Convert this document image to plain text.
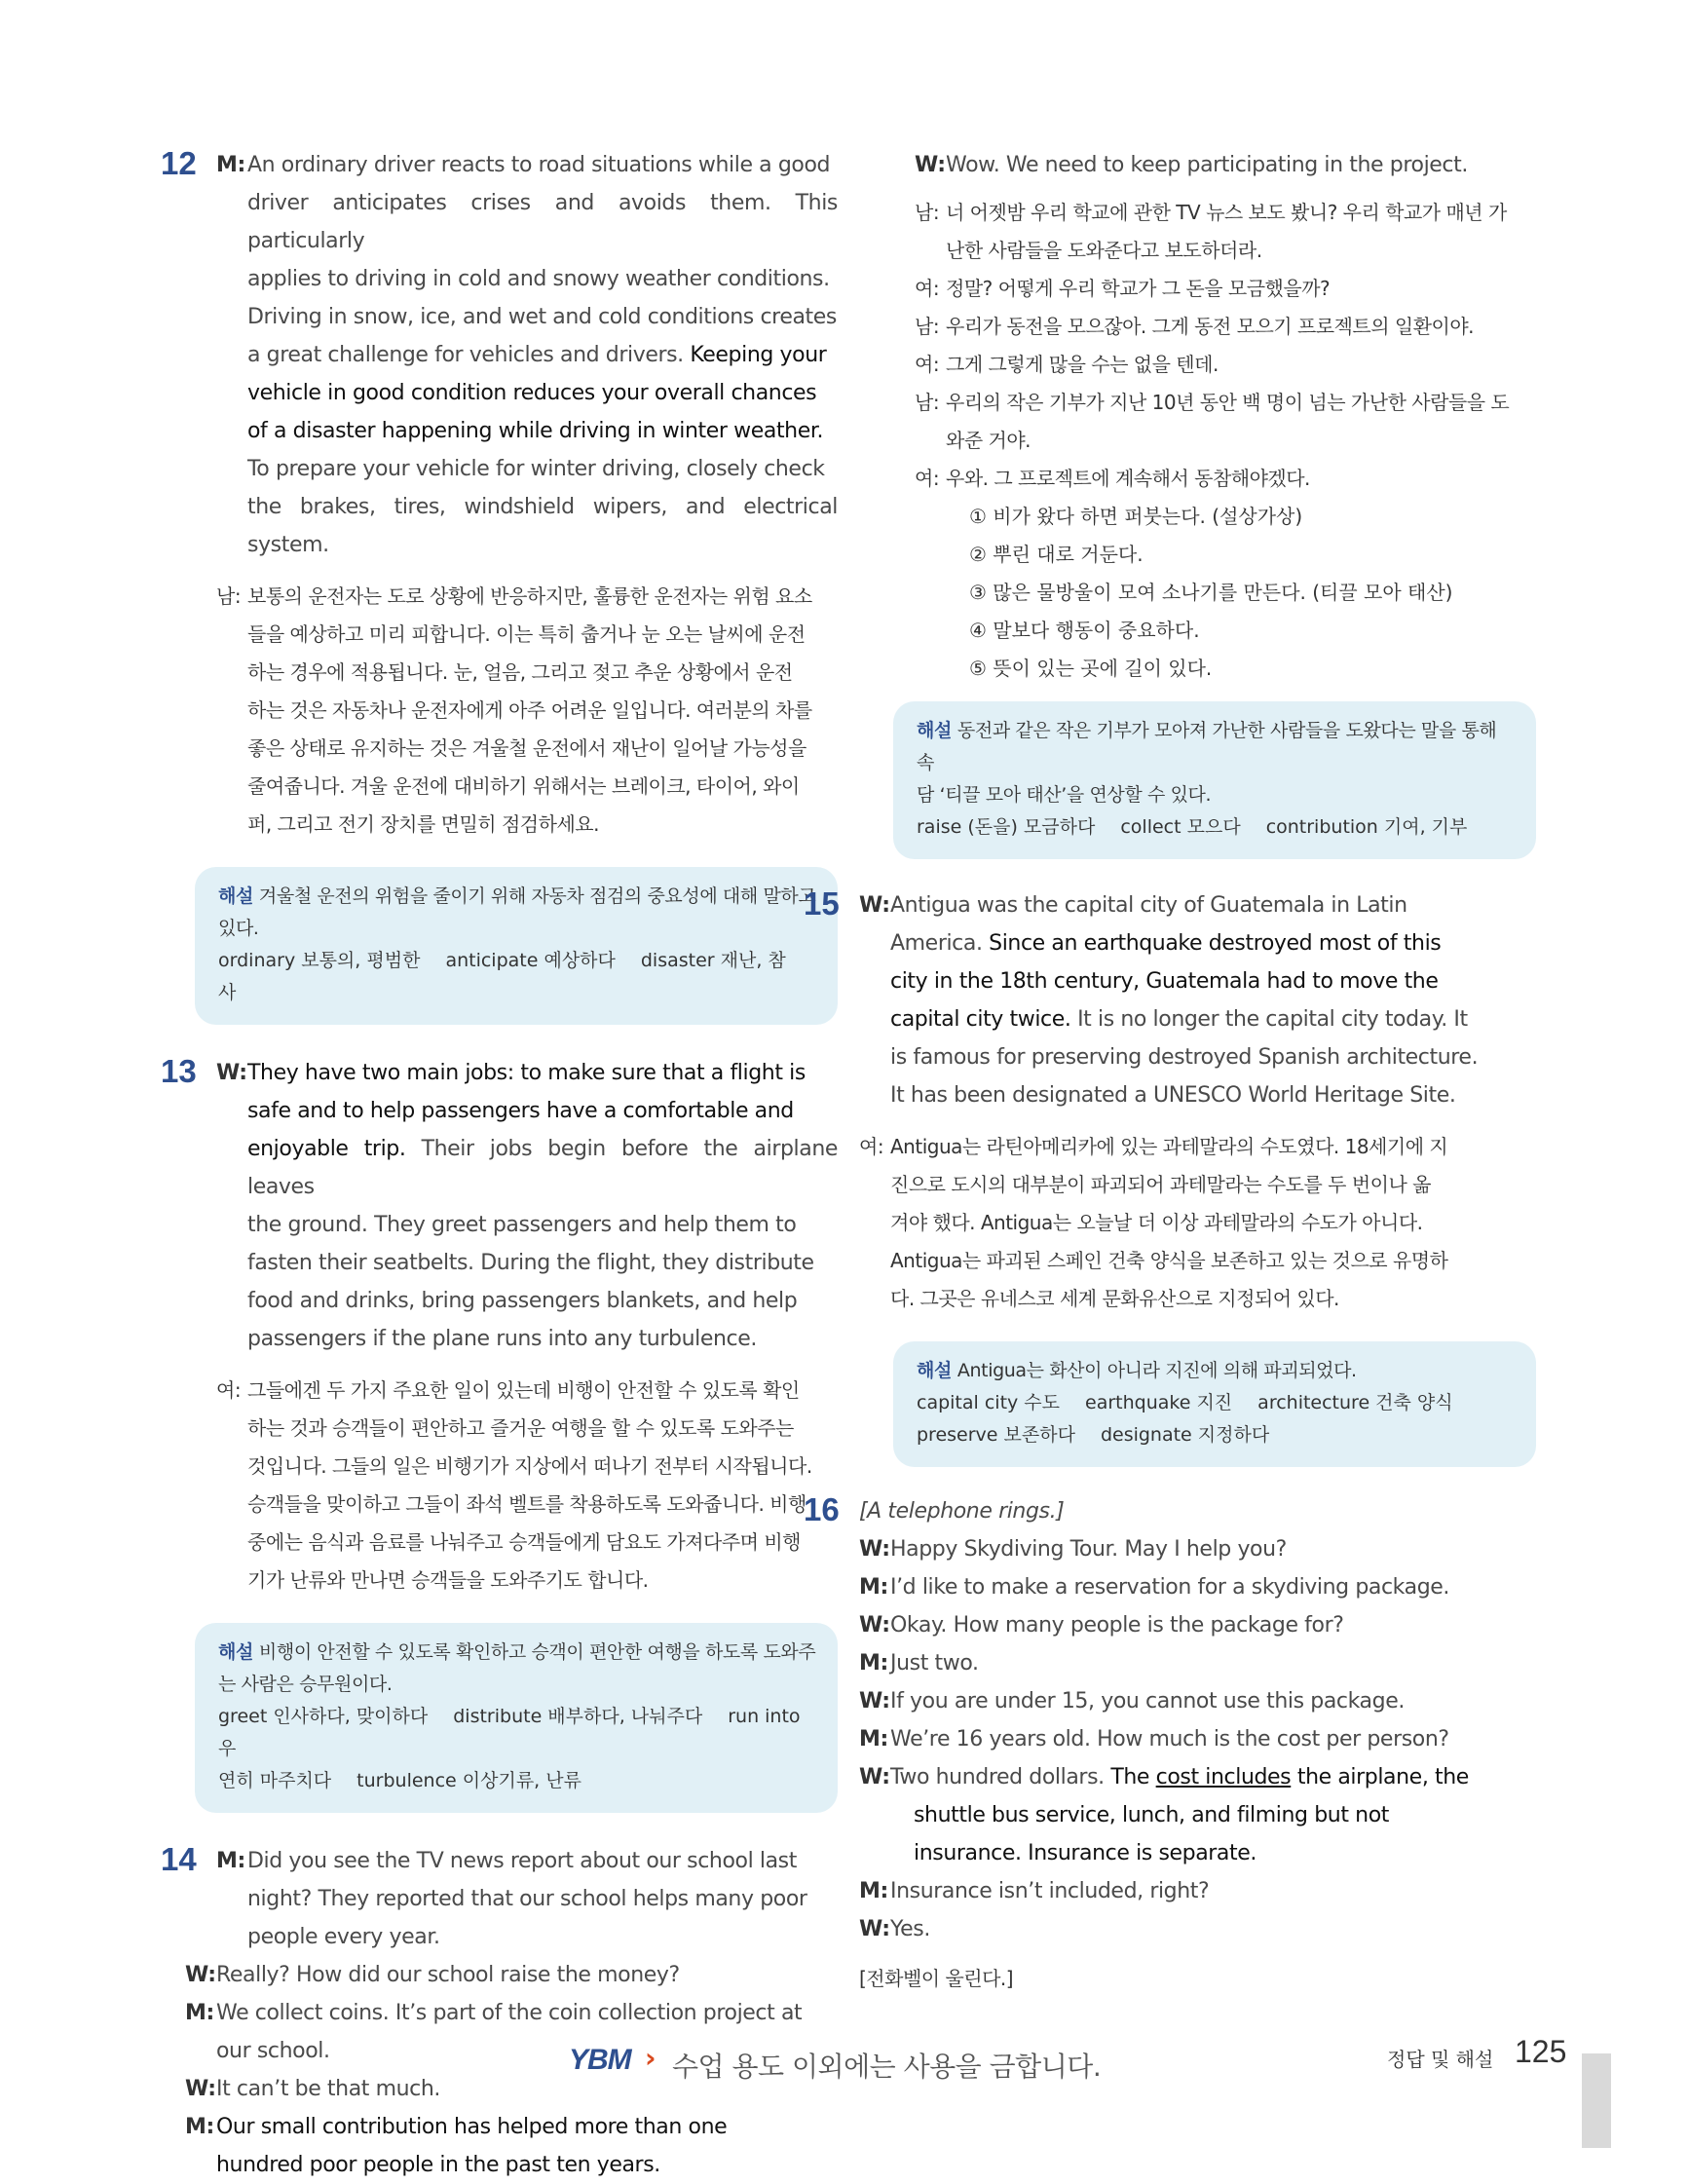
12 M: An ordinary driver reacts to road situations while a good
driver anticipates crises and avoids them. This particularly
applies to driving in cold and snowy weather conditions.
Driving in snow, ice, and wet and cold conditions creates
a great challenge for vehicles and drivers. Keeping your
vehicle in good condition reduces your overall chances
of a disaster happening while driving in winter weather.
To prepare your vehicle for winter driving, closely check
the brakes, tires, windshield wipers, and electrical system.
남: 보통의 운전자는 도로 상황에 반응하지만, 훌륭한 운전자는 위험 요소
들을 예상하고 미리 피합니다. 이는 특히 춥거나 눈 오는 날씨에 운전
하는 경우에 적용됩니다. 눈, 얼음, 그리고 젖고 추운 상황에서 운전
하는 것은 자동차나 운전자에게 아주 어려운 일입니다. 여러분의 차를
좋은 상태로 유지하는 것은 겨울철 운전에서 재난이 일어날 가능성을
줄여줍니다. 겨울 운전에 대비하기 위해서는 브레이크, 타이어, 와이
퍼, 그리고 전기 장치를 면밀히 점검하세요.
해설 겨울철 운전의 위험을 줄이기 위해 자동차 점검의 중요성에 대해 말하고
있다.
ordinary 보통의, 평범한 anticipate 예상하다 disaster 재난, 참사
13 W: They have two main jobs: to make sure that a flight is
safe and to help passengers have a comfortable and
enjoyable trip. Their jobs begin before the airplane leaves
the ground. They greet passengers and help them to
fasten their seatbelts. During the flight, they distribute
food and drinks, bring passengers blankets, and help
passengers if the plane runs into any turbulence.
여: 그들에겐 두 가지 주요한 일이 있는데 비행이 안전할 수 있도록 확인
하는 것과 승객들이 편안하고 즐거운 여행을 할 수 있도록 도와주는
것입니다. 그들의 일은 비행기가 지상에서 떠나기 전부터 시작됩니다.
승객들을 맞이하고 그들이 좌석 벨트를 착용하도록 도와줍니다. 비행
중에는 음식과 음료를 나눠주고 승객들에게 담요도 가져다주며 비행
기가 난류와 만나면 승객들을 도와주기도 합니다.
해설 비행이 안전할 수 있도록 확인하고 승객이 편안한 여행을 하도록 도와주
는 사람은 승무원이다.
greet 인사하다, 맞이하다 distribute 배부하다, 나눠주다 run into 우
연히 마주치다 turbulence 이상기류, 난류
14 M: Did you see the TV news report about our school last
night? They reported that our school helps many poor
people every year.
W: Really? How did our school raise the money?
M: We collect coins. It’s part of the coin collection project at
our school.
W: It can’t be that much.
M: Our small contribution has helped more than one
hundred poor people in the past ten years.
W: Wow. We need to keep participating in the project.
남: 너 어젯밤 우리 학교에 관한 TV 뉴스 보도 봤니? 우리 학교가 매년 가
난한 사람들을 도와준다고 보도하더라.
여: 정말? 어떻게 우리 학교가 그 돈을 모금했을까?
남: 우리가 동전을 모으잖아. 그게 동전 모으기 프로젝트의 일환이야.
여: 그게 그렇게 많을 수는 없을 텐데.
남: 우리의 작은 기부가 지난 10년 동안 백 명이 넘는 가난한 사람들을 도
와준 거야.
여: 우와. 그 프로젝트에 계속해서 동참해야겠다.
① 비가 왔다 하면 퍼붓는다. (설상가상)
② 뿌린 대로 거둔다.
③ 많은 물방울이 모여 소나기를 만든다. (티끌 모아 태산)
④ 말보다 행동이 중요하다.
⑤ 뜻이 있는 곳에 길이 있다.
해설 동전과 같은 작은 기부가 모아져 가난한 사람들을 도왔다는 말을 통해 속
담 ‘티끌 모아 태산’을 연상할 수 있다.
raise (돈을) 모금하다 collect 모으다 contribution 기여, 기부
15 W: Antigua was the capital city of Guatemala in Latin
America. Since an earthquake destroyed most of this
city in the 18th century, Guatemala had to move the
capital city twice. It is no longer the capital city today. It
is famous for preserving destroyed Spanish architecture.
It has been designated a UNESCO World Heritage Site.
여: Antigua는 라틴아메리카에 있는 과테말라의 수도였다. 18세기에 지
진으로 도시의 대부분이 파괴되어 과테말라는 수도를 두 번이나 옮
겨야 했다. Antigua는 오늘날 더 이상 과테말라의 수도가 아니다.
Antigua는 파괴된 스페인 건축 양식을 보존하고 있는 것으로 유명하
다. 그곳은 유네스코 세계 문화유산으로 지정되어 있다.
해설 Antigua는 화산이 아니라 지진에 의해 파괴되었다.
capital city 수도 earthquake 지진 architecture 건축 양식
preserve 보존하다 designate 지정하다
16 [A telephone rings.]
W: Happy Skydiving Tour. May I help you?
M: I’d like to make a reservation for a skydiving package.
W: Okay. How many people is the package for?
M: Just two.
W: If you are under 15, you cannot use this package.
M: We’re 16 years old. How much is the cost per person?
W: Two hundred dollars. The cost includes the airplane, the
shuttle bus service, lunch, and filming but not
insurance. Insurance is separate.
M: Insurance isn’t included, right?
W: Yes.
[전화벨이 울린다.]
YBM › 수업 용도 이외에는 사용을 금합니다.	정답 및 해설 125
